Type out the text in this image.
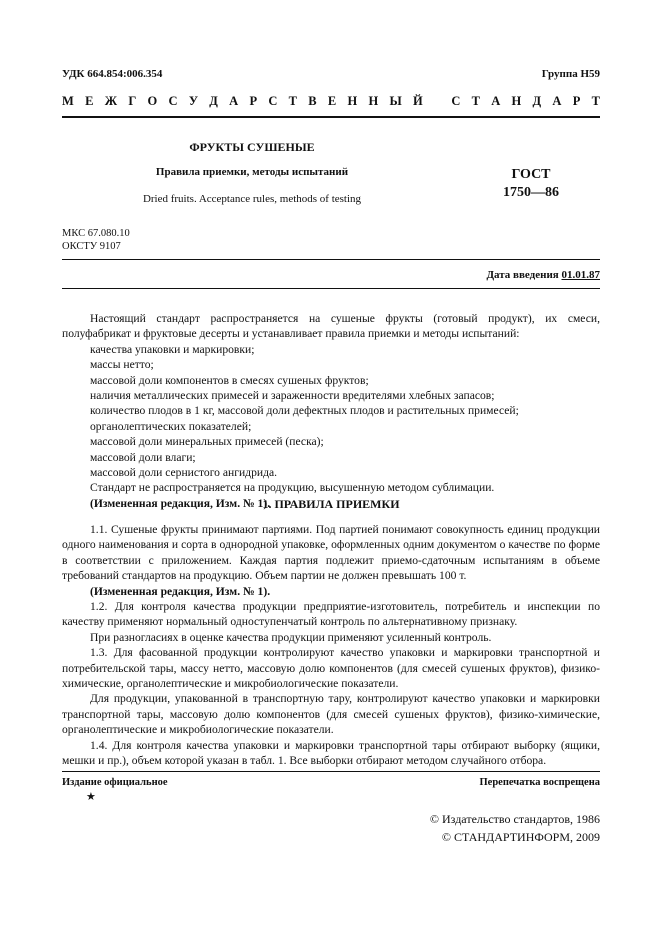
УДК 664.854:006.354	Группа Н59
М Е Ж Г О С У Д А Р С Т В Е Н Н Ы Й С Т А Н Д А Р Т
ФРУКТЫ СУШЕНЫЕ
Правила приемки, методы испытаний
Dried fruits. Acceptance rules, methods of testing
ГОСТ
1750—86
МКС 67.080.10
ОКСТУ 9107
Дата введения 01.01.87

Настоящий стандарт распространяется на сушеные фрукты (готовый продукт), их смеси, полуфабрикат и фруктовые десерты и устанавливает правила приемки и методы испытаний:

качества упаковки и маркировки;

массы нетто;

массовой доли компонентов в смесях сушеных фруктов;

наличия металлических примесей и зараженности вредителями хлебных запасов;

количество плодов в 1 кг, массовой доли дефектных плодов и растительных примесей;

органолептических показателей;

массовой доли минеральных примесей (песка);

массовой доли влаги;

массовой доли сернистого ангидрида.

Стандарт не распространяется на продукцию, высушенную методом сублимации.

(Измененная редакция, Изм. № 1).

1. ПРАВИЛА ПРИЕМКИ

1.1. Сушеные фрукты принимают партиями. Под партией понимают совокупность единиц продукции одного наименования и сорта в однородной упаковке, оформленных одним документом о качестве по форме в соответствии с приложением. Каждая партия подлежит приемо-сдаточным испытаниям в объеме требований стандартов на продукцию. Объем партии не должен превышать 100 т.

(Измененная редакция, Изм. № 1).

1.2. Для контроля качества продукции предприятие-изготовитель, потребитель и инспекции по качеству применяют нормальный одноступенчатый контроль по альтернативному признаку.

При разногласиях в оценке качества продукции применяют усиленный контроль.

1.3. Для фасованной продукции контролируют качество упаковки и маркировки транспортной и потребительской тары, массу нетто, массовую долю компонентов (для смесей сушеных фруктов), физико-химические, органолептические и микробиологические показатели.

Для продукции, упакованной в транспортную тару, контролируют качество упаковки и маркировки транспортной тары, массовую долю компонентов (для смесей сушеных фруктов), физико-химические, органолептические и микробиологические показатели.

1.4. Для контроля качества упаковки и маркировки транспортной тары отбирают выборку (ящики, мешки и пр.), объем которой указан в табл. 1. Все выборки отбирают методом случайного отбора.

Издание официальное	Перепечатка воспрещена
★
© Издательство стандартов, 1986
© СТАНДАРТИНФОРМ, 2009
